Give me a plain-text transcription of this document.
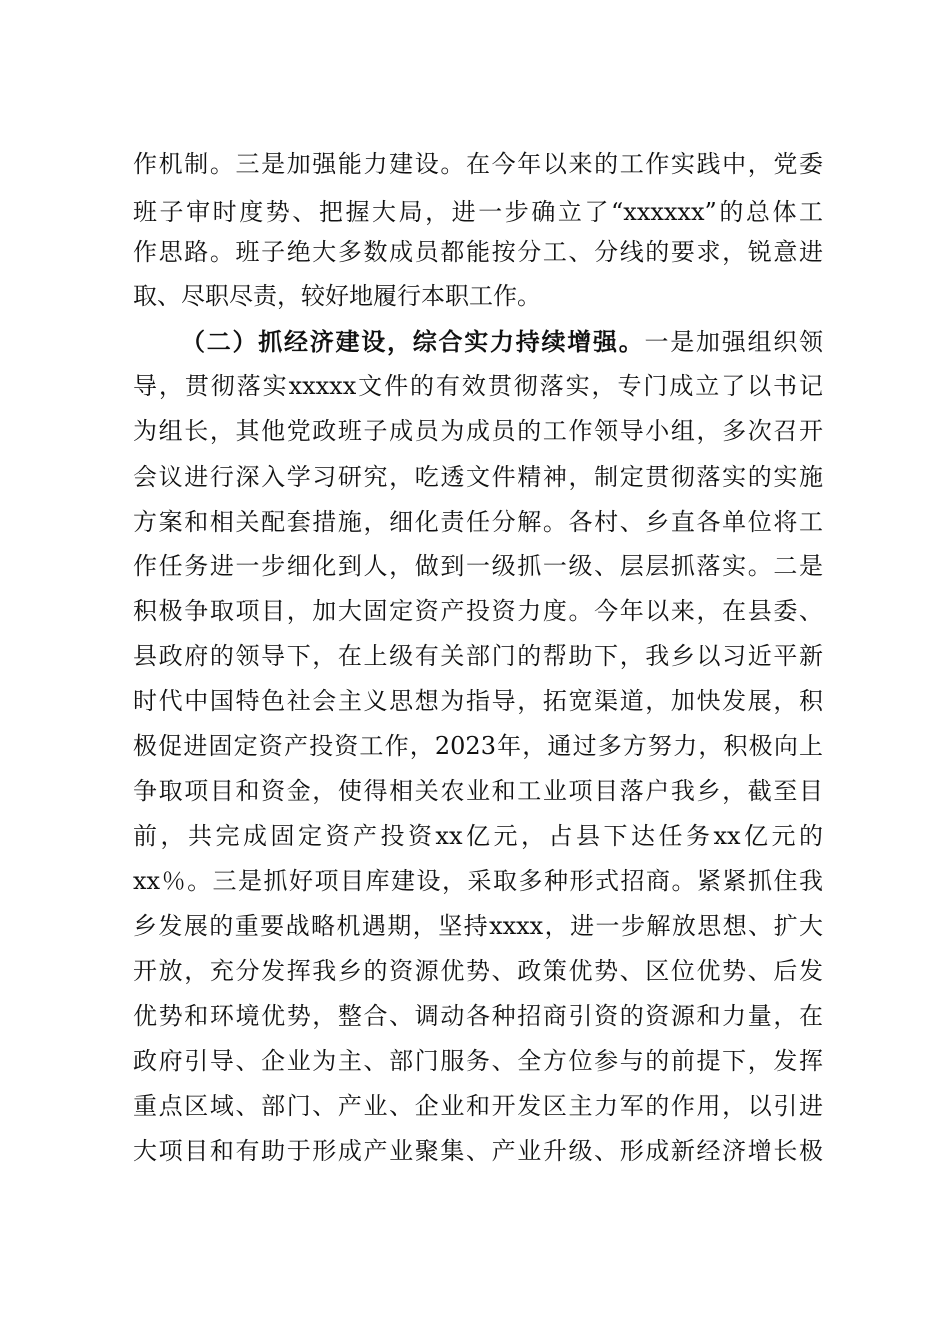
作机制。三是加强能力建设。在今年以来的工作实践中，党委
班子审时度势、把握大局，进一步确立了“xxxxxx”的总体工
作思路。班子绝大多数成员都能按分工、分线的要求，锐意进
取、尽职尽责，较好地履行本职工作。
（二）抓经济建设，综合实力持续增强。一是加强组织领
导，贯彻落实xxxxx文件的有效贯彻落实，专门成立了以书记
为组长，其他党政班子成员为成员的工作领导小组，多次召开
会议进行深入学习研究，吃透文件精神，制定贯彻落实的实施
方案和相关配套措施，细化责任分解。各村、乡直各单位将工
作任务进一步细化到人，做到一级抓一级、层层抓落实。二是
积极争取项目，加大固定资产投资力度。今年以来，在县委、
县政府的领导下，在上级有关部门的帮助下，我乡以习近平新
时代中国特色社会主义思想为指导，拓宽渠道，加快发展，积
极促进固定资产投资工作，2023年，通过多方努力，积极向上
争取项目和资金，使得相关农业和工业项目落户我乡，截至目
前，共完成固定资产投资xx亿元，占县下达任务xx亿元的
xx％。三是抓好项目库建设，采取多种形式招商。紧紧抓住我
乡发展的重要战略机遇期，坚持xxxx，进一步解放思想、扩大
开放，充分发挥我乡的资源优势、政策优势、区位优势、后发
优势和环境优势，整合、调动各种招商引资的资源和力量，在
政府引导、企业为主、部门服务、全方位参与的前提下，发挥
重点区域、部门、产业、企业和开发区主力军的作用，以引进
大项目和有助于形成产业聚集、产业升级、形成新经济增长极
